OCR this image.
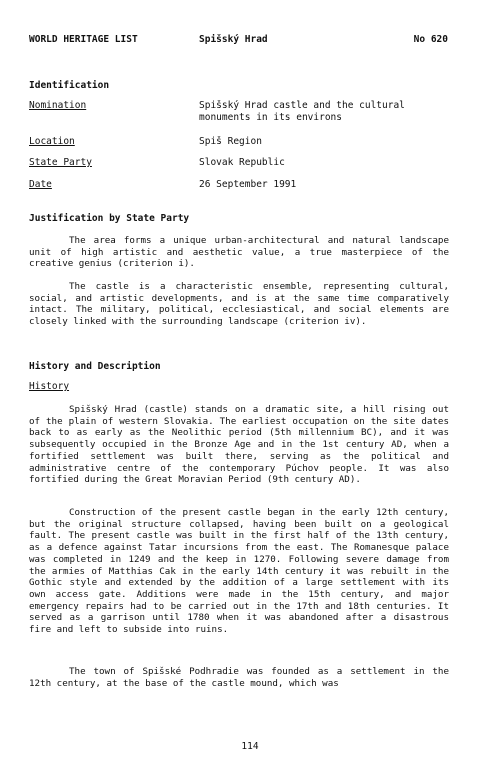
WORLD HERITAGE LIST	Spišský Hrad	No 620
Identification
Nomination	Spišský Hrad castle and the cultural monuments in its environs
Location	Spiš Region
State Party	Slovak Republic
Date	26 September 1991
Justification by State Party

The area forms a unique urban-architectural and natural landscape unit of high artistic and aesthetic value, a true masterpiece of the creative genius (criterion i).

The castle is a characteristic ensemble, representing cultural, social, and artistic developments, and is at the same time comparatively intact. The military, political, ecclesiastical, and social elements are closely linked with the surrounding landscape (criterion iv).

History and Description
History

Spišský Hrad (castle) stands on a dramatic site, a hill rising out of the plain of western Slovakia. The earliest occupation on the site dates back to as early as the Neolithic period (5th millennium BC), and it was subsequently occupied in the Bronze Age and in the 1st century AD, when a fortified settlement was built there, serving as the political and administrative centre of the contemporary Púchov people. It was also fortified during the Great Moravian Period (9th century AD).

Construction of the present castle began in the early 12th century, but the original structure collapsed, having been built on a geological fault. The present castle was built in the first half of the 13th century, as a defence against Tatar incursions from the east. The Romanesque palace was completed in 1249 and the keep in 1270. Following severe damage from the armies of Matthias Cak in the early 14th century it was rebuilt in the Gothic style and extended by the addition of a large settlement with its own access gate. Additions were made in the 15th century, and major emergency repairs had to be carried out in the 17th and 18th centuries. It served as a garrison until 1780 when it was abandoned after a disastrous fire and left to subside into ruins.

The town of Spišské Podhradie was founded as a settlement in the 12th century, at the base of the castle mound, which was

114
